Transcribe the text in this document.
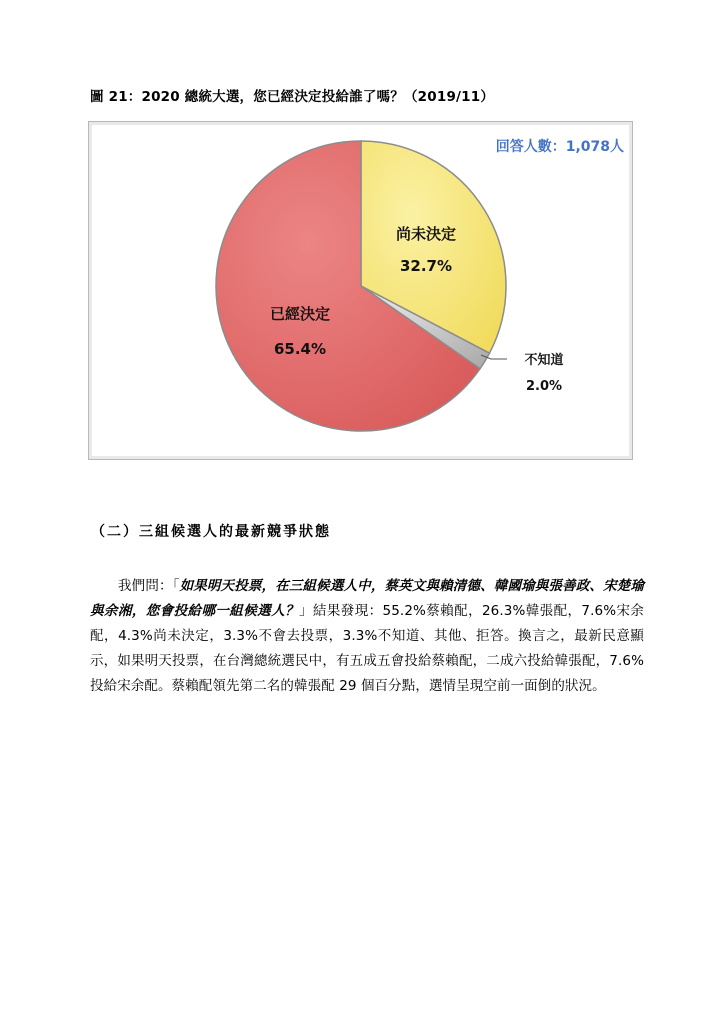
圖 21：2020 總統大選，您已經決定投給誰了嗎？（2019/11）
回答人數：1,078人
尚未決定
32.7%
已經決定
65.4%
不知道
2.0%
（二）三組候選人的最新競爭狀態
我們問：「如果明天投票，在三組候選人中，蔡英文與賴清德、韓國瑜與張善政、宋楚瑜與余湘，您會投給哪一組候選人？」結果發現：55.2%蔡賴配，26.3%韓張配，7.6%宋余配，4.3%尚未決定，3.3%不會去投票，3.3%不知道、其他、拒答。換言之，最新民意顯示，如果明天投票，在台灣總統選民中，有五成五會投給蔡賴配，二成六投給韓張配，7.6%投給宋余配。蔡賴配領先第二名的韓張配 29 個百分點，選情呈現空前一面倒的狀況。
